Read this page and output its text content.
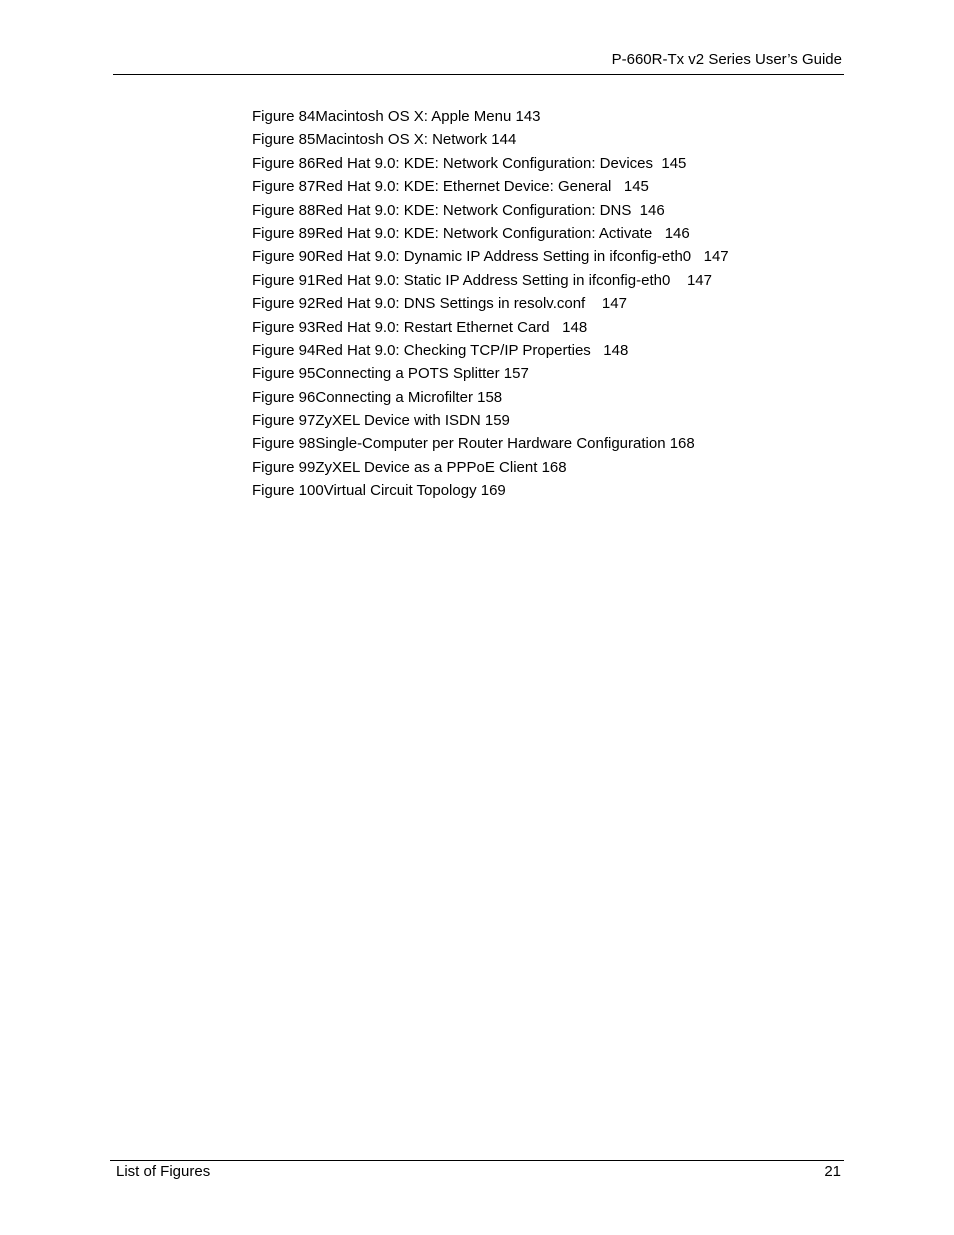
P-660R-Tx v2 Series User’s Guide
Figure 84Macintosh OS X: Apple Menu 143
Figure 85Macintosh OS X: Network 144
Figure 86Red Hat 9.0: KDE: Network Configuration: Devices  145
Figure 87Red Hat 9.0: KDE: Ethernet Device: General   145
Figure 88Red Hat 9.0: KDE: Network Configuration: DNS  146
Figure 89Red Hat 9.0: KDE: Network Configuration: Activate   146
Figure 90Red Hat 9.0: Dynamic IP Address Setting in ifconfig-eth0   147
Figure 91Red Hat 9.0: Static IP Address Setting in ifconfig-eth0    147
Figure 92Red Hat 9.0: DNS Settings in resolv.conf    147
Figure 93Red Hat 9.0: Restart Ethernet Card   148
Figure 94Red Hat 9.0: Checking TCP/IP Properties   148
Figure 95Connecting a POTS Splitter 157
Figure 96Connecting a Microfilter 158
Figure 97ZyXEL Device with ISDN 159
Figure 98Single-Computer per Router Hardware Configuration 168
Figure 99ZyXEL Device as a PPPoE Client 168
Figure 100Virtual Circuit Topology 169
List of Figures	21
